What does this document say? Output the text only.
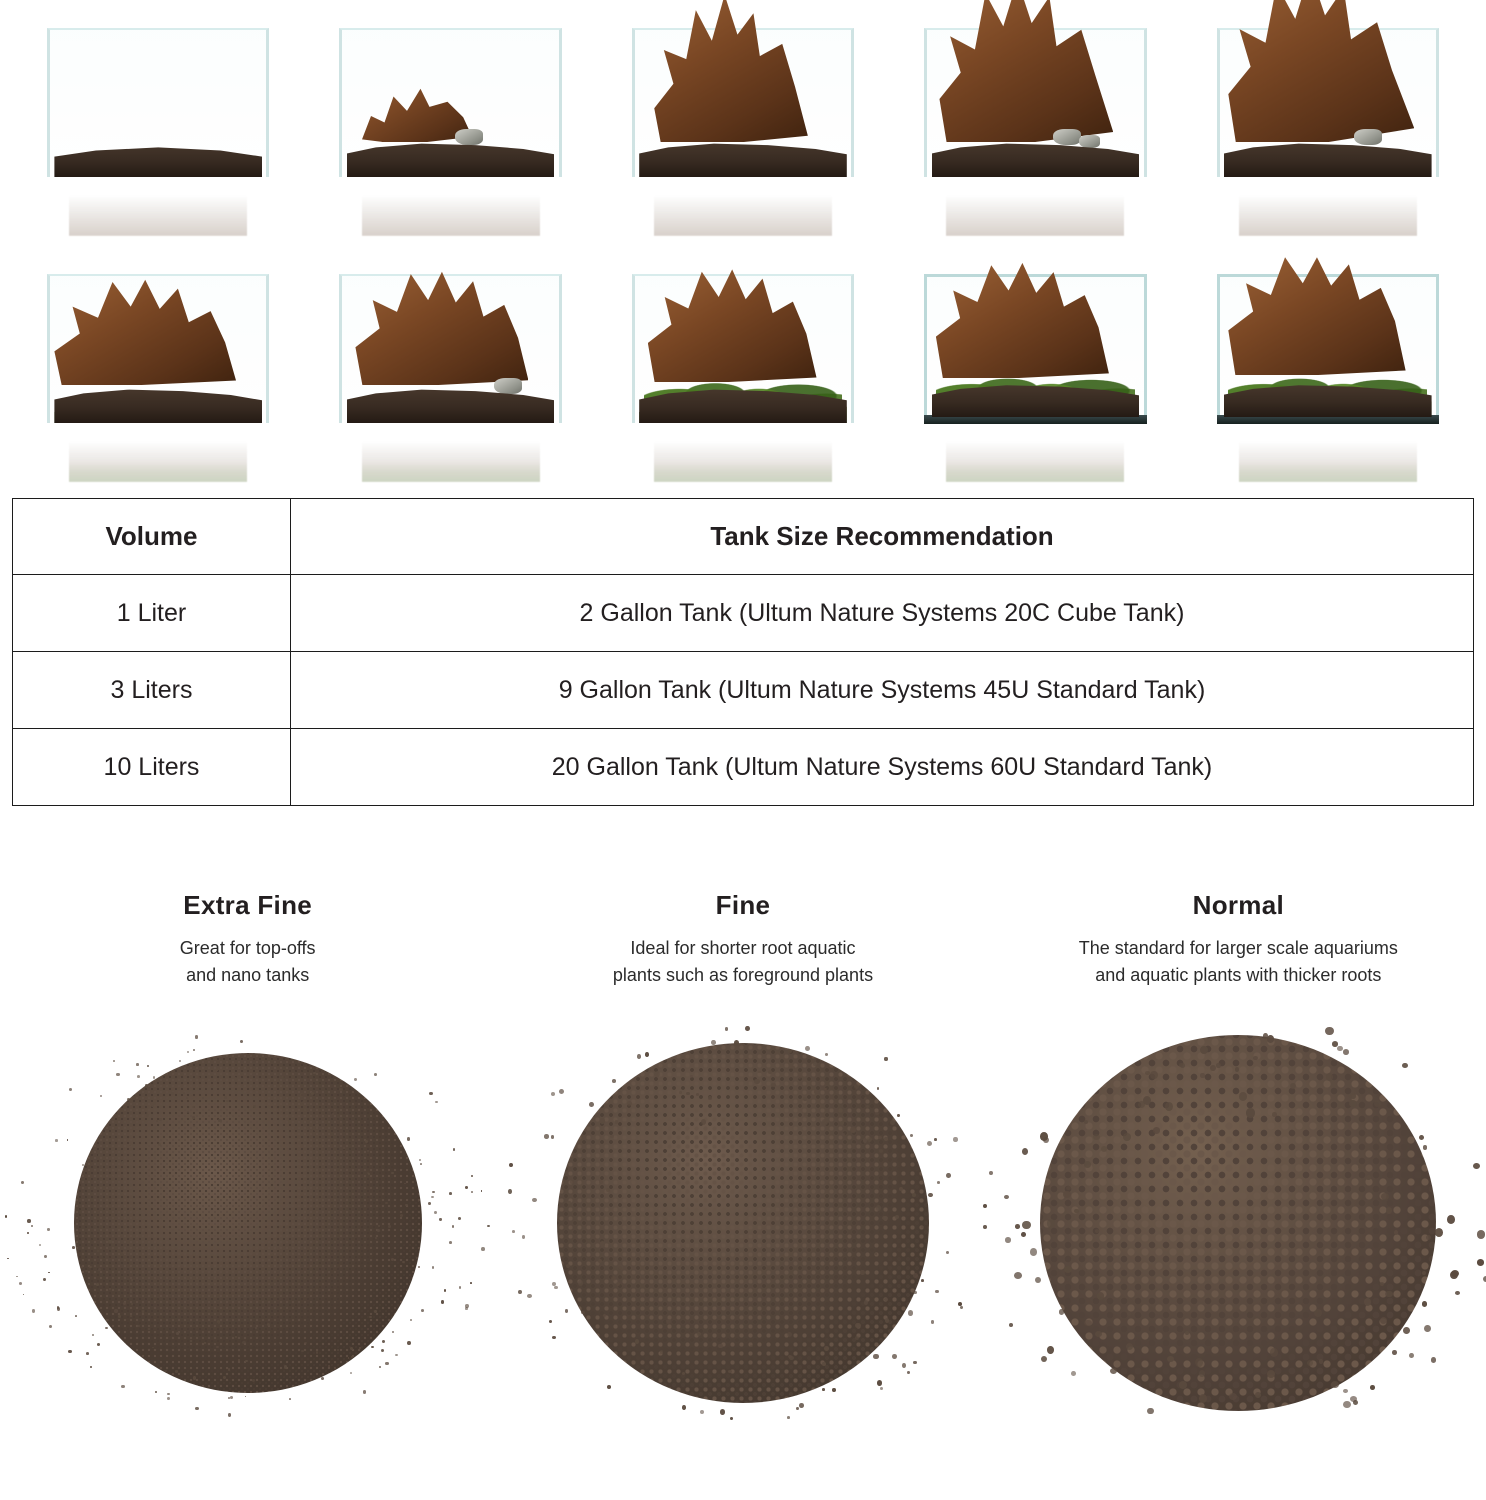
Volume	Tank Size Recommendation
1 Liter	2 Gallon Tank (Ultum Nature Systems 20C Cube Tank)
3 Liters	9 Gallon Tank (Ultum Nature Systems 45U Standard Tank)
10 Liters	20 Gallon Tank (Ultum Nature Systems 60U Standard Tank)
Extra Fine
Great for top-offs
and nano tanks
Fine
Ideal for shorter root aquatic
plants such as foreground plants
Normal
The standard for larger scale aquariums
and aquatic plants with thicker roots
